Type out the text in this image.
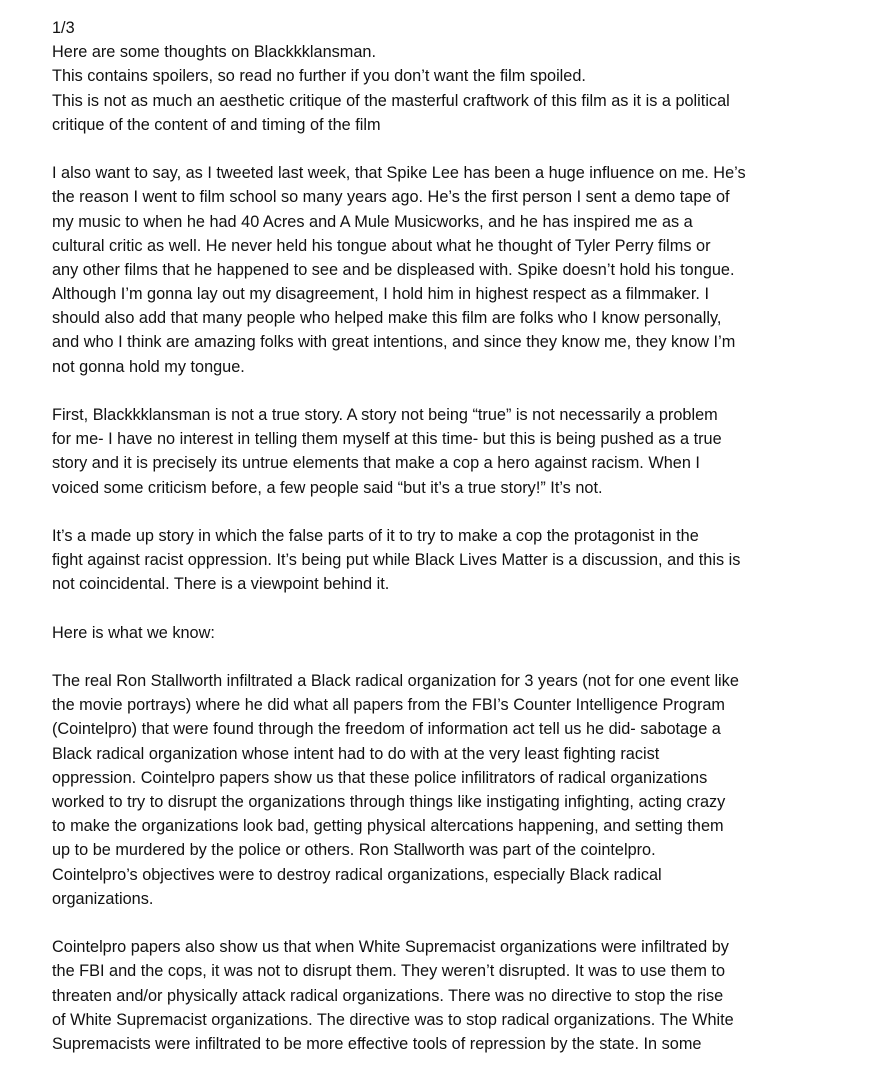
1/3
Here are some thoughts on Blackkklansman.
This contains spoilers, so read no further if you don’t want the film spoiled.
This is not as much an aesthetic critique of the masterful craftwork of this film as it is a political
critique of the content of and timing of the film
I also want to say, as I tweeted last week, that Spike Lee has been a huge influence on me. He’s
the reason I went to film school so many years ago. He’s the first person I sent a demo tape of
my music to when he had 40 Acres and A Mule Musicworks, and he has inspired me as a
cultural critic as well. He never held his tongue about what he thought of Tyler Perry films or
any other films that he happened to see and be displeased with. Spike doesn’t hold his tongue.
Although I’m gonna lay out my disagreement, I hold him in highest respect as a filmmaker. I
should also add that many people who helped make this film are folks who I know personally,
and who I think are amazing folks with great intentions, and since they know me, they know I’m
not gonna hold my tongue.
First, Blackkklansman is not a true story. A story not being “true” is not necessarily a problem
for me- I have no interest in telling them myself at this time- but this is being pushed as a true
story and it is precisely its untrue elements that make a cop a hero against racism. When I
voiced some criticism before, a few people said “but it’s a true story!” It’s not.
It’s a made up story in which the false parts of it to try to make a cop the protagonist in the
fight against racist oppression. It’s being put while Black Lives Matter is a discussion, and this is
not coincidental. There is a viewpoint behind it.
Here is what we know:
The real Ron Stallworth infiltrated a Black radical organization for 3 years (not for one event like
the movie portrays) where he did what all papers from the FBI’s Counter Intelligence Program
(Cointelpro) that were found through the freedom of information act tell us he did- sabotage a
Black radical organization whose intent had to do with at the very least fighting racist
oppression. Cointelpro papers show us that these police infilitrators of radical organizations
worked to try to disrupt the organizations through things like instigating infighting, acting crazy
to make the organizations look bad, getting physical altercations happening, and setting them
up to be murdered by the police or others. Ron Stallworth was part of the cointelpro.
Cointelpro’s objectives were to destroy radical organizations, especially Black radical
organizations.
Cointelpro papers also show us that when White Supremacist organizations were infiltrated by
the FBI and the cops, it was not to disrupt them. They weren’t disrupted. It was to use them to
threaten and/or physically attack radical organizations. There was no directive to stop the rise
of White Supremacist organizations. The directive was to stop radical organizations. The White
Supremacists were infiltrated to be more effective tools of repression by the state. In some
